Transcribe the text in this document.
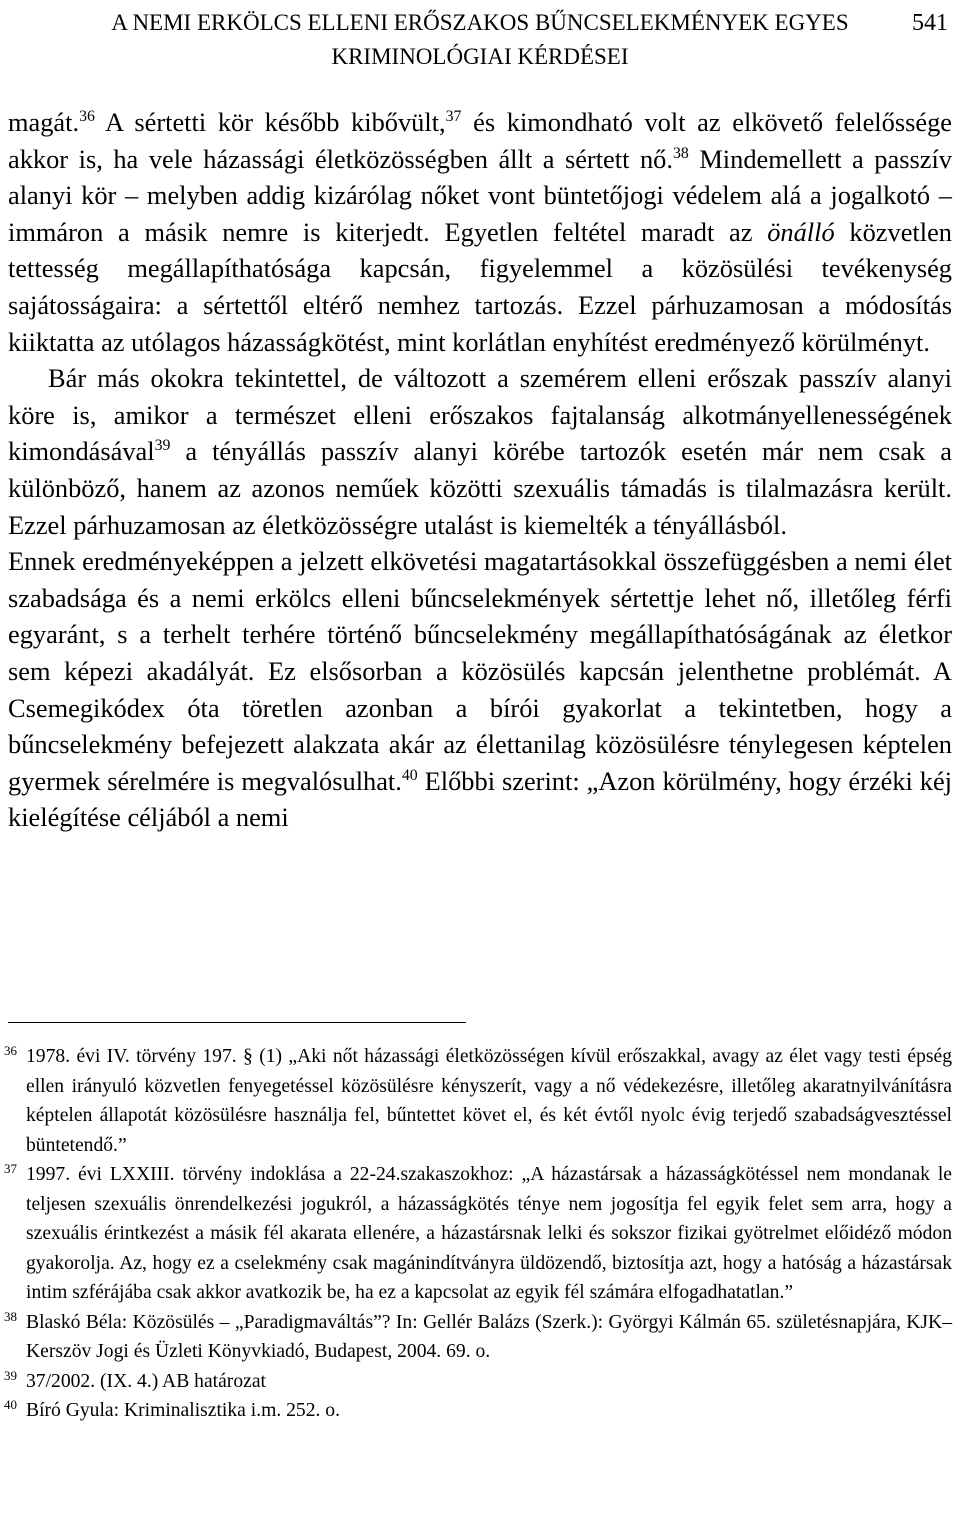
A NEMI ERKÖLCS ELLENI ERŐSZAKOS BŰNCSELEKMÉNYEK EGYES KRIMINOLÓGIAI KÉRDÉSEI
541

magát.$^{36}$ A sértetti kör később kibővült,$^{37}$ és kimondható volt az elkövető felelőssége akkor is, ha vele házassági életközösségben állt a sértett nő.$^{38}$ Mindemellett a passzív alanyi kör – melyben addig kizárólag nőket vont büntetőjogi védelem alá a jogalkotó – immáron a másik nemre is kiterjedt. Egyetlen feltétel maradt az önálló közvetlen tettesség megállapíthatósága kapcsán, figyelemmel a közösülési tevékenység sajátosságaira: a sértettől eltérő nemhez tartozás. Ezzel párhuzamosan a módosítás kiiktatta az utólagos házasságkötést, mint korlátlan enyhítést eredményező körülményt.

Bár más okokra tekintettel, de változott a szemérem elleni erőszak passzív alanyi köre is, amikor a természet elleni erőszakos fajtalanság alkotmányellenességének kimondásával$^{39}$ a tényállás passzív alanyi körébe tartozók esetén már nem csak a különböző, hanem az azonos neműek közötti szexuális támadás is tilalmazásra került. Ezzel párhuzamosan az életközösségre utalást is kiemelték a tényállásból.

Ennek eredményeképpen a jelzett elkövetési magatartásokkal összefüggésben a nemi élet szabadsága és a nemi erkölcs elleni bűncselekmények sértettje lehet nő, illetőleg férfi egyaránt, s a terhelt terhére történő bűncselekmény megállapíthatóságának az életkor sem képezi akadályát. Ez elsősorban a közösülés kapcsán jelenthetne problémát. A Csemegikódex óta töretlen azonban a bírói gyakorlat a tekintetben, hogy a bűncselekmény befejezett alakzata akár az élettanilag közösülésre ténylegesen képtelen gyermek sérelmére is megvalósulhat.$^{40}$ Előbbi szerint: „Azon körülmény, hogy érzéki kéj kielégítése céljából a nemi

36 1978. évi IV. törvény 197. § (1) „Aki nőt házassági életközösségen kívül erőszakkal, avagy az élet vagy testi épség ellen irányuló közvetlen fenyegetéssel közösülésre kényszerít, vagy a nő védekezésre, illetőleg akaratnyilvánításra képtelen állapotát közösülésre használja fel, bűntettet követ el, és két évtől nyolc évig terjedő szabadságvesztéssel büntetendő.”
37 1997. évi LXXIII. törvény indoklása a 22-24.szakaszokhoz: „A házastársak a házasságkötéssel nem mondanak le teljesen szexuális önrendelkezési jogukról, a házasságkötés ténye nem jogosítja fel egyik felet sem arra, hogy a szexuális érintkezést a másik fél akarata ellenére, a házastársnak lelki és sokszor fizikai gyötrelmet előidéző módon gyakorolja. Az, hogy ez a cselekmény csak magánindítványra üldözendő, biztosítja azt, hogy a hatóság a házastársak intim szférájába csak akkor avatkozik be, ha ez a kapcsolat az egyik fél számára elfogadhatatlan.”
38 Blaskó Béla: Közösülés – „Paradigmaváltás”? In: Gellér Balázs (Szerk.): Györgyi Kálmán 65. születésnapjára, KJK–Kerszöv Jogi és Üzleti Könyvkiadó, Budapest, 2004. 69. o.
39 37/2002. (IX. 4.) AB határozat
40 Bíró Gyula: Kriminalisztika i.m. 252. o.
